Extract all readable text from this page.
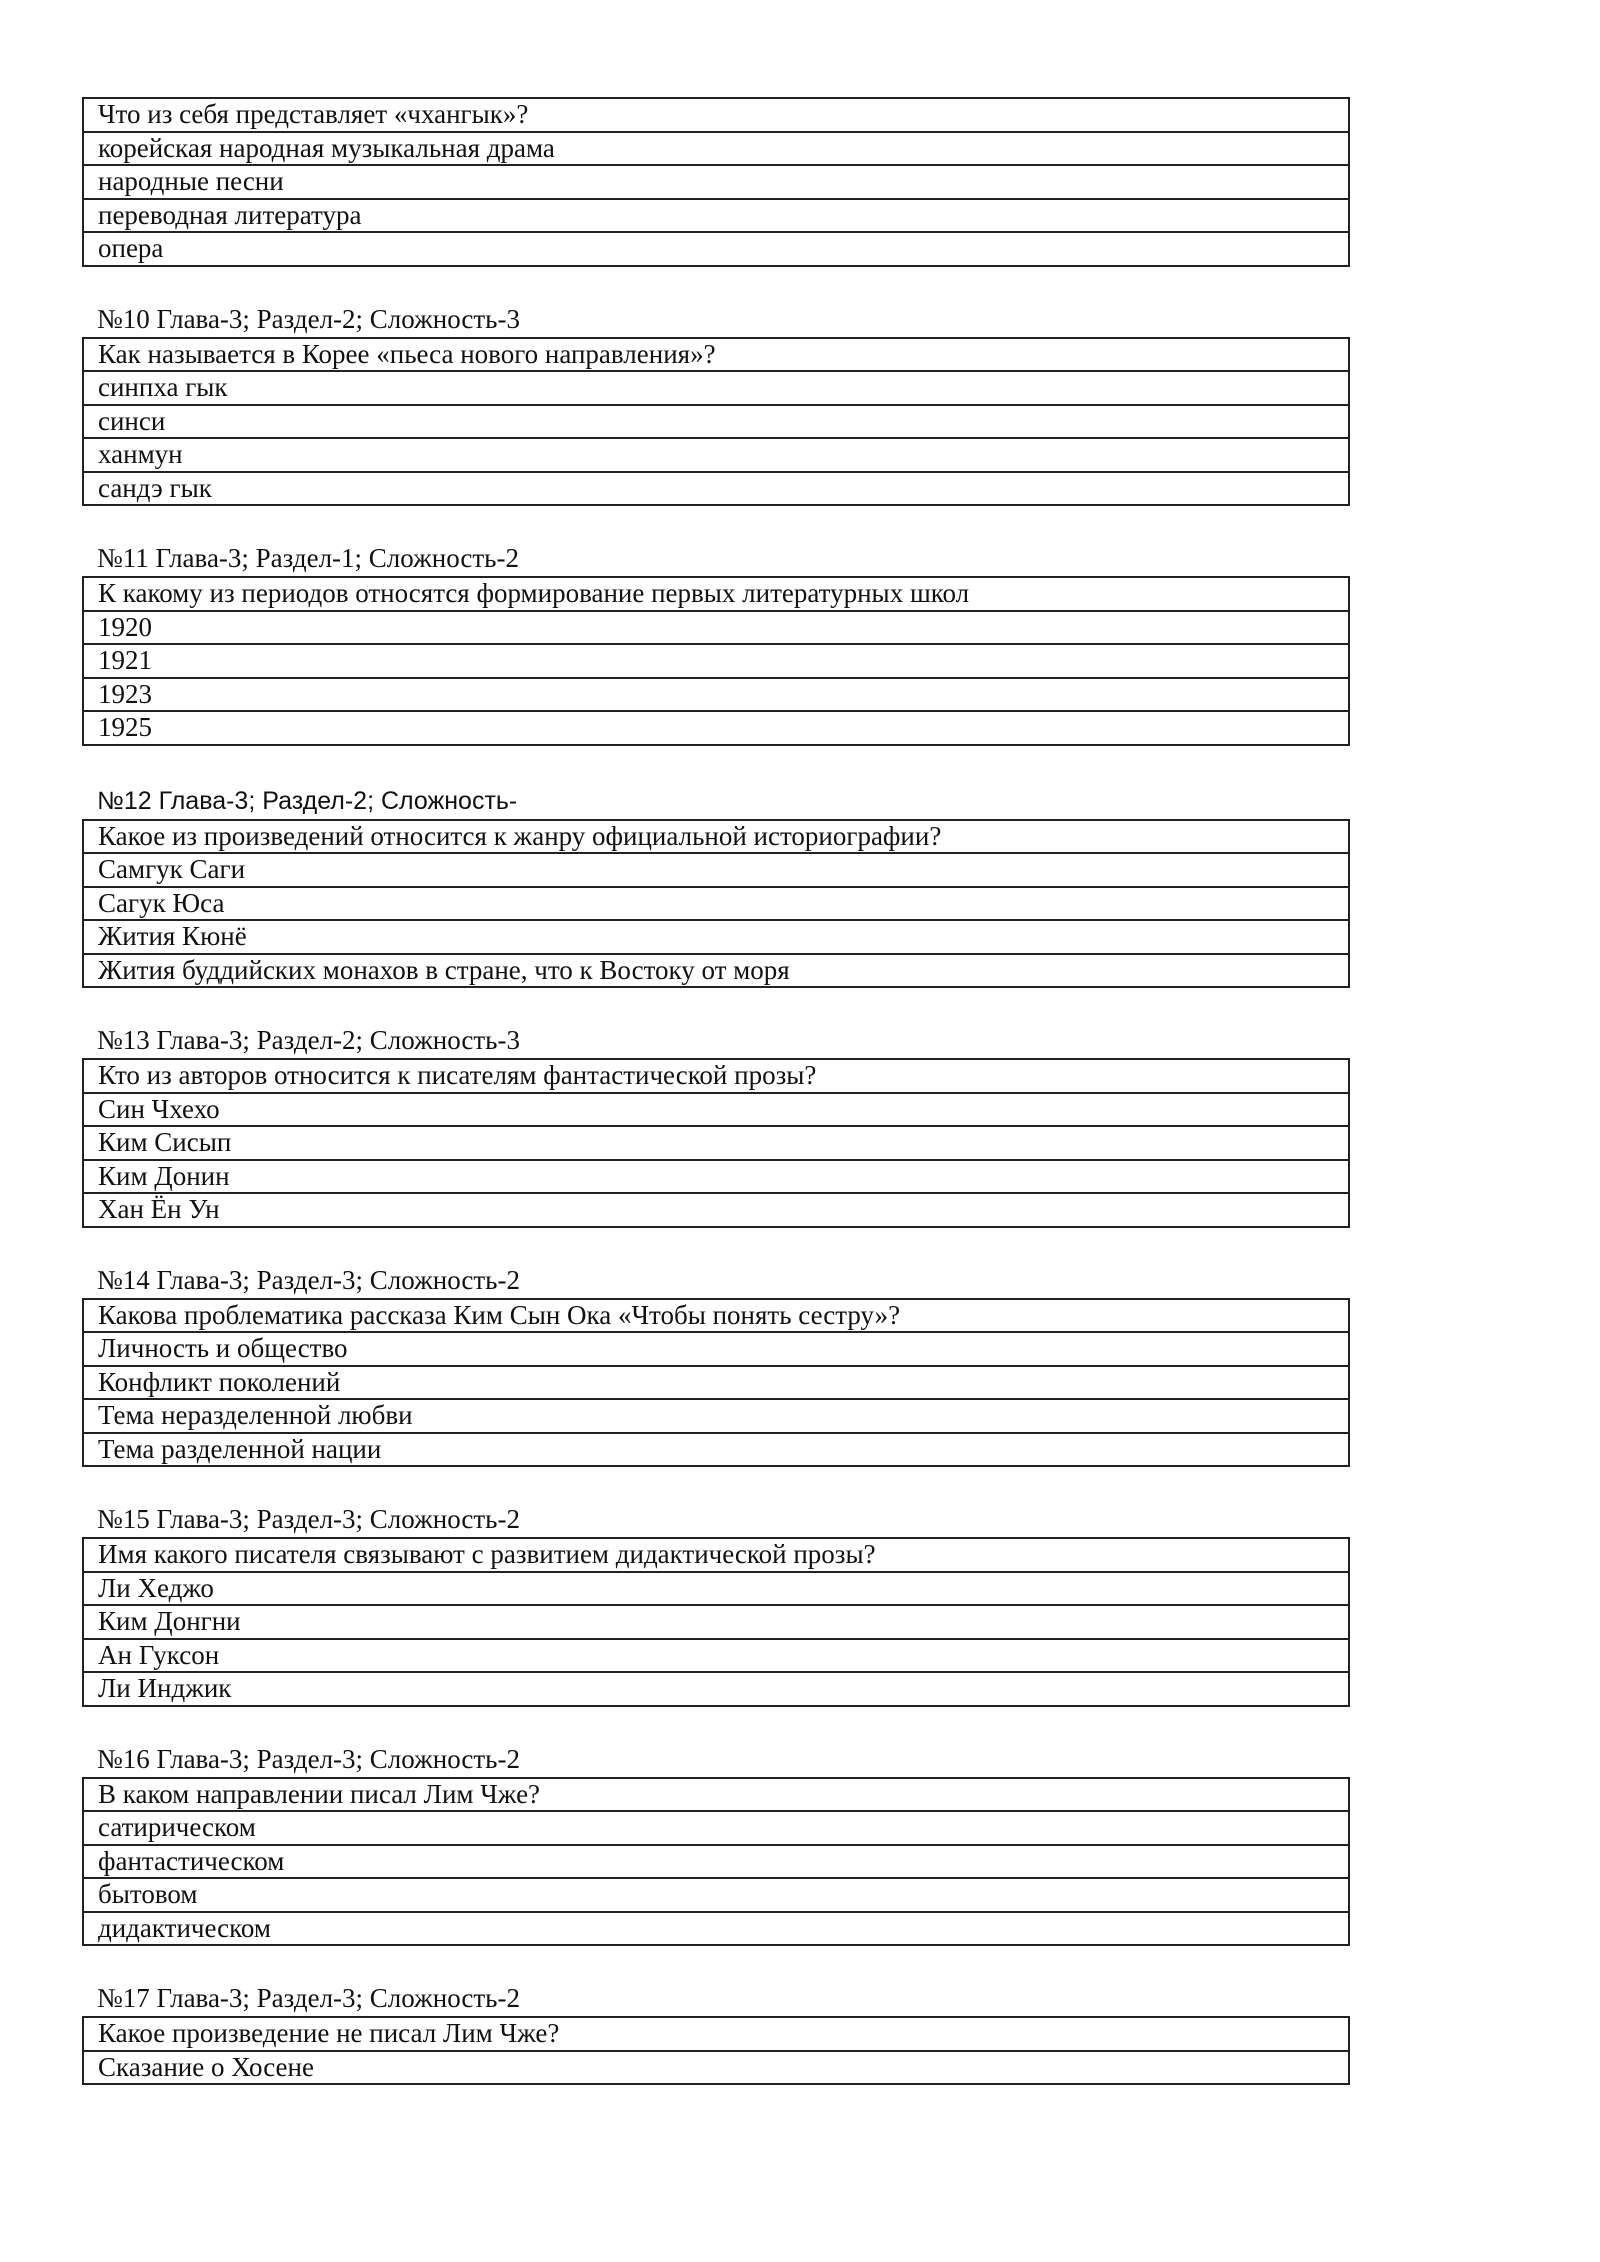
Что из себя представляет «чхангык»?
корейская народная музыкальная драма
народные песни
переводная литература
опера
№10 Глава-3; Раздел-2; Сложность-3
Как называется в Корее «пьеса нового направления»?
синпха гык
синси
ханмун
сандэ гык
№11 Глава-3; Раздел-1; Сложность-2
К какому из периодов относятся формирование первых литературных школ
1920
1921
1923
1925
№12 Глава-3; Раздел-2; Сложность-
Какое из произведений относится к жанру официальной историографии?
Самгук Саги
Сагук Юса
Жития Кюнё
Жития буддийских монахов в стране, что к Востоку от моря
№13 Глава-3; Раздел-2; Сложность-3
Кто из авторов относится к писателям фантастической прозы?
Син Чхехо
Ким Сисып
Ким Донин
Хан Ён Ун
№14 Глава-3; Раздел-3; Сложность-2
Какова проблематика рассказа Ким Сын Ока «Чтобы понять сестру»?
Личность и общество
Конфликт поколений
Тема неразделенной любви
Тема разделенной нации
№15 Глава-3; Раздел-3; Сложность-2
Имя какого писателя связывают с развитием дидактической прозы?
Ли Хеджо
Ким Донгни
Ан Гуксон
Ли Инджик
№16 Глава-3; Раздел-3; Сложность-2
В каком направлении писал Лим Чже?
сатирическом
фантастическом
бытовом
дидактическом
№17 Глава-3; Раздел-3; Сложность-2
Какое произведение не писал Лим Чже?
Сказание о Хосене
